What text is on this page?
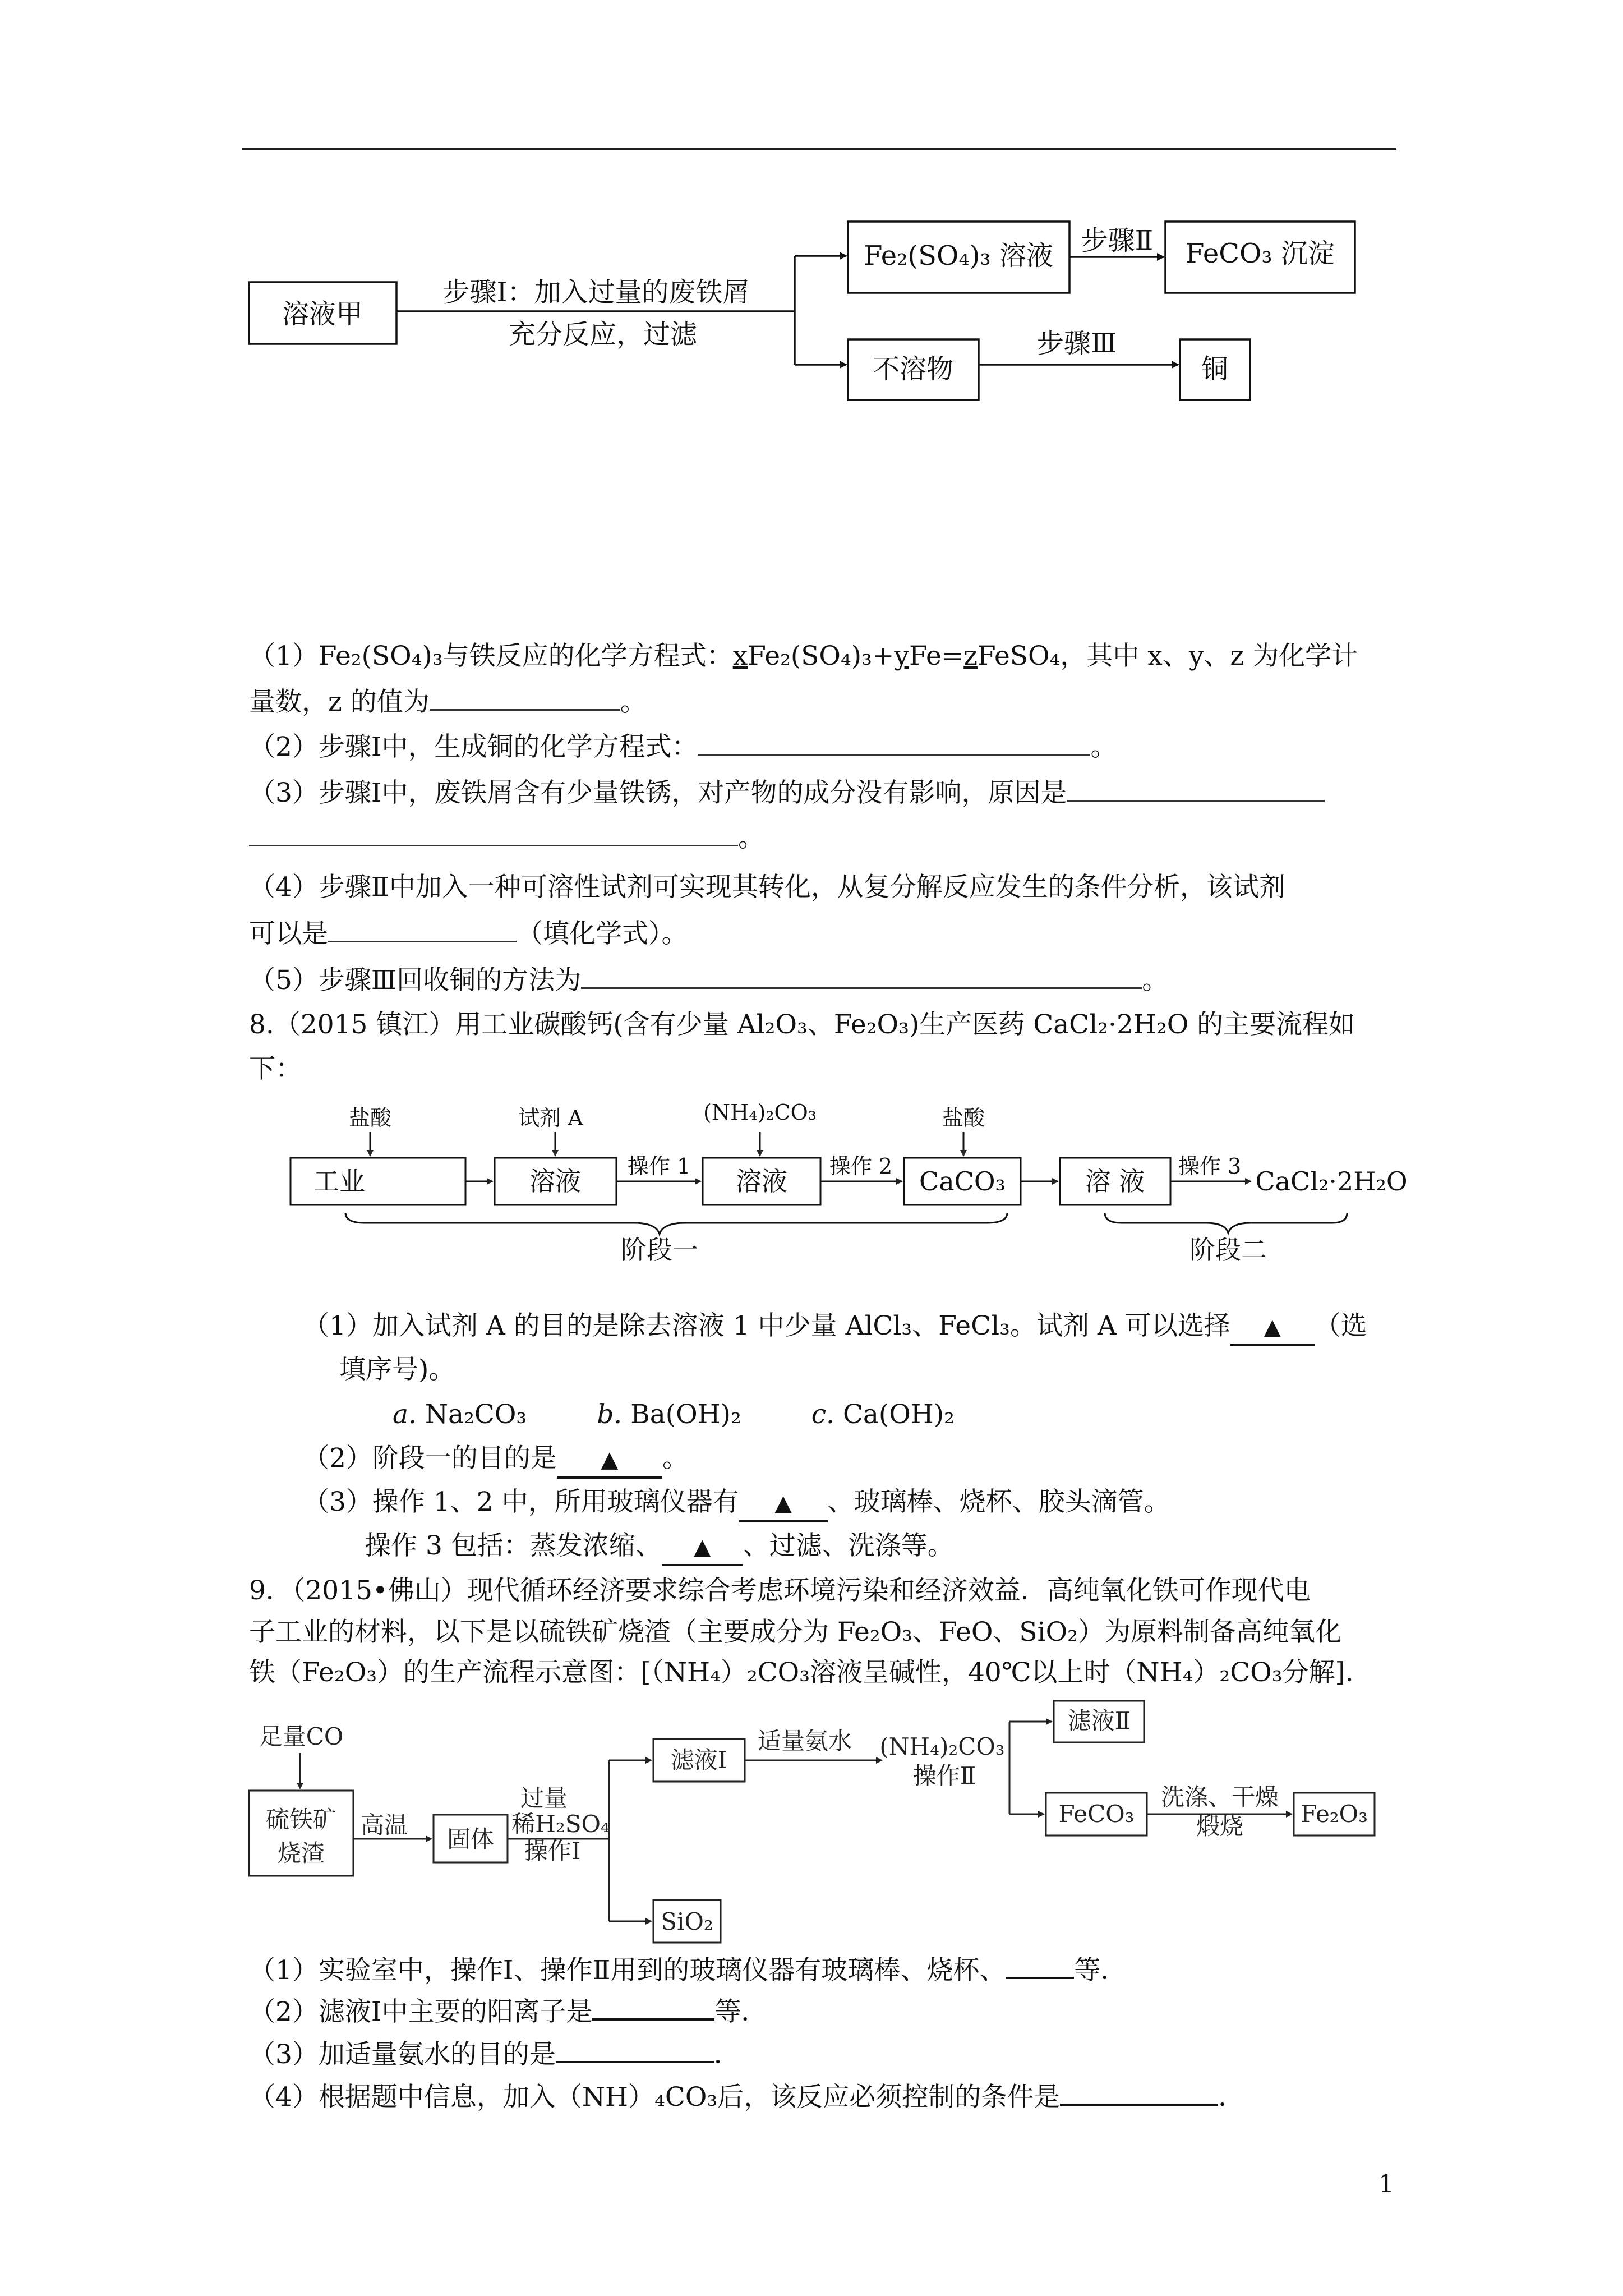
溶液甲
步骤Ⅰ：加入过量的废铁屑
充分反应，过滤
Fe₂(SO₄)₃ 溶液 步骤Ⅱ FeCO₃ 沉淀
不溶物
步骤Ⅲ
铜
（1）Fe₂(SO₄)₃与铁反应的化学方程式：xFe₂(SO₄)₃+yFe=zFeSO₄，其中 x、y、z 为化学计
量数，z 的值为	。
（2）步骤Ⅰ中，生成铜的化学方程式：	。
（3）步骤Ⅰ中，废铁屑含有少量铁锈，对产物的成分没有影响，原因是
。
（4）步骤Ⅱ中加入一种可溶性试剂可实现其转化，从复分解反应发生的条件分析，该试剂
可以是	（填化学式）。
（5）步骤Ⅲ回收铜的方法为	。
8.（2015 镇江）用工业碳酸钙(含有少量 Al₂O₃、Fe₂O₃)生产医药 CaCl₂·2H₂O 的主要流程如
下：
盐酸	试剂 A	(NH₄)₂CO₃	盐酸
操作 1	操作 2	操作 3
工业	溶液	溶液	CaCO₃	溶 液	CaCl₂·2H₂O
阶段一	阶段二
（1）加入试剂 A 的目的是除去溶液 1 中少量 AlCl₃、FeCl₃。试剂 A 可以选择 ▲ （选
填序号)。
a. Na₂CO₃	b. Ba(OH)₂	c. Ca(OH)₂
（2）阶段一的目的是 ▲ 。
（3）操作 1、2 中，所用玻璃仪器有 ▲ 、玻璃棒、烧杯、胶头滴管。
操作 3 包括：蒸发浓缩、 ▲ 、过滤、洗涤等。
9．（2015•佛山）现代循环经济要求综合考虑环境污染和经济效益．高纯氧化铁可作现代电
子工业的材料，以下是以硫铁矿烧渣（主要成分为 Fe₂O₃、FeO、SiO₂）为原料制备高纯氧化
铁（Fe₂O₃）的生产流程示意图：[（NH₄）₂CO₃溶液呈碱性，40℃以上时（NH₄）₂CO₃分解]．
足量CO
硫铁矿
烧渣
高温
固体
过量
稀H₂SO₄
操作Ⅰ
滤液Ⅰ
适量氨水 (NH₄)₂CO₃
操作Ⅱ
滤液Ⅱ
FeCO₃
洗涤、干燥
煅烧 Fe₂O₃
SiO₂
（1）实验室中，操作Ⅰ、操作Ⅱ用到的玻璃仪器有玻璃棒、烧杯、	等．
（2）滤液Ⅰ中主要的阳离子是	等．
（3）加适量氨水的目的是	．
（4）根据题中信息，加入（NH）₄CO₃后，该反应必须控制的条件是	．
1
